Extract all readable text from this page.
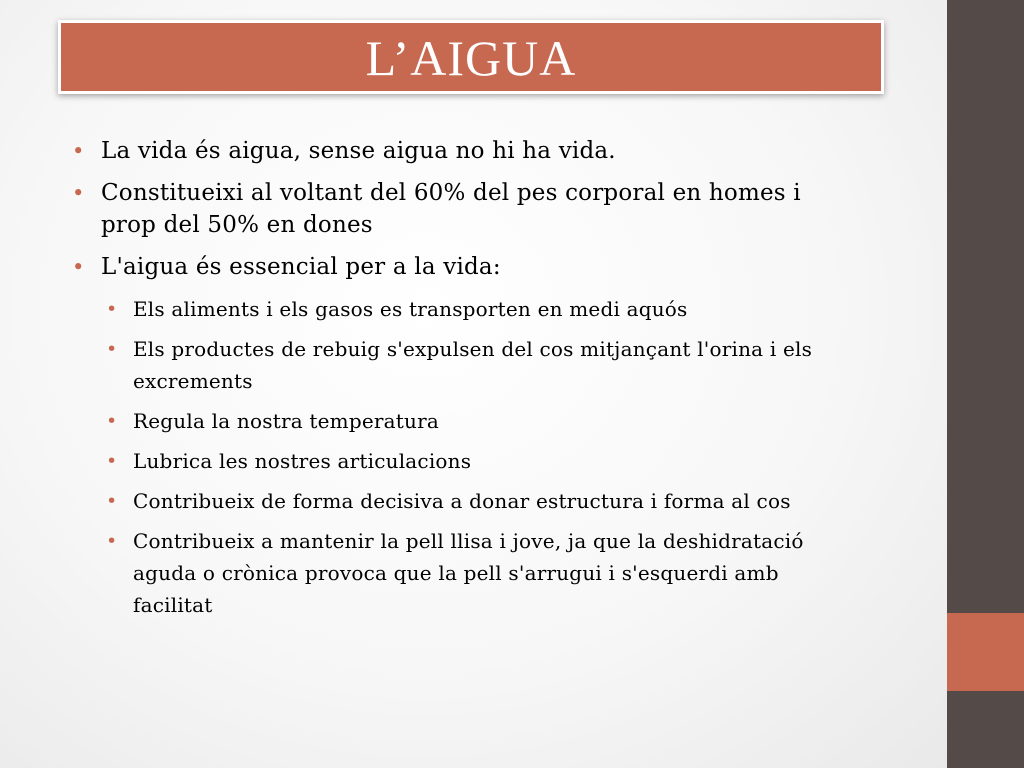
L’AIGUA
• La vida és aigua, sense aigua no hi ha vida.
• Constitueixi al voltant del 60% del pes corporal en homes i prop del 50% en dones
• L'aigua és essencial per a la vida:
• Els aliments i els gasos es transporten en medi aquós
• Els productes de rebuig s'expulsen del cos mitjançant l'orina i els excrements
• Regula la nostra temperatura
• Lubrica les nostres articulacions
• Contribueix de forma decisiva a donar estructura i forma al cos
• Contribueix a mantenir la pell llisa i jove, ja que la deshidratació aguda o crònica provoca que la pell s'arrugui i s'esquerdi amb facilitat
